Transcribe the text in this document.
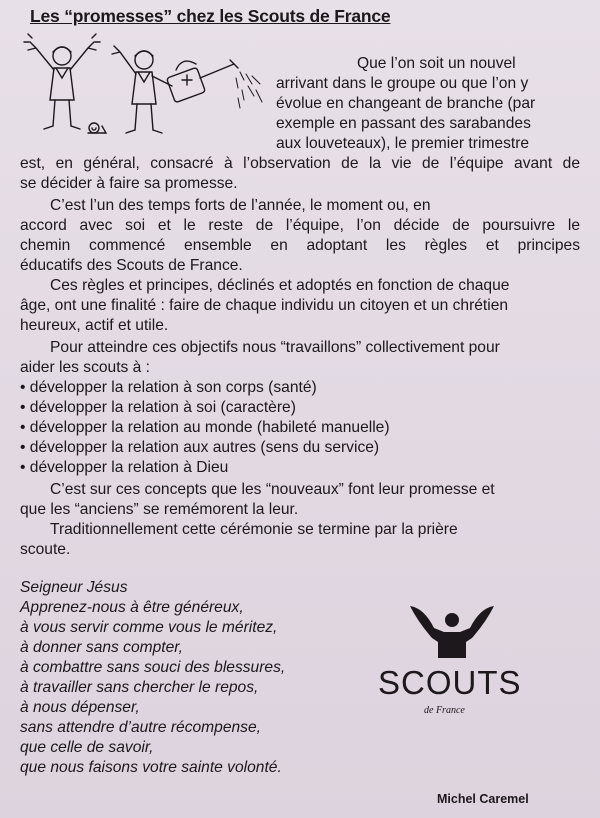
Les “promesses” chez les Scouts de France
Que l’on soit un nouvel
arrivant dans le groupe ou que l’on y
évolue en changeant de branche (par
exemple en passant des sarabandes
aux louveteaux), le premier trimestre
est, en général, consacré à l’observation de la vie de l’équipe avant de
se décider à faire sa promesse.
C’est l’un des temps forts de l’année, le moment ou, en
accord avec soi et le reste de l’équipe, l’on décide de poursuivre le
chemin commencé ensemble en adoptant les règles et principes
éducatifs des Scouts de France.
Ces règles et principes, déclinés et adoptés en fonction de chaque
âge, ont une finalité : faire de chaque individu un citoyen et un chrétien
heureux, actif et utile.
Pour atteindre ces objectifs nous “travaillons” collectivement pour
aider les scouts à :
• développer la relation à son corps (santé)
• développer la relation à soi (caractère)
• développer la relation au monde (habileté manuelle)
• développer la relation aux autres (sens du service)
• développer la relation à Dieu
C’est sur ces concepts que les “nouveaux” font leur promesse et
que les “anciens” se remémorent la leur.
Traditionnellement cette cérémonie se termine par la prière
scoute.
Seigneur Jésus
Apprenez-nous à être généreux,
à vous servir comme vous le méritez,
à donner sans compter,
à combattre sans souci des blessures,
à travailler sans chercher le repos,
à nous dépenser,
sans attendre d’autre récompense,
que celle de savoir,
que nous faisons votre sainte volonté.
SCOUTS
de France
Michel Caremel
